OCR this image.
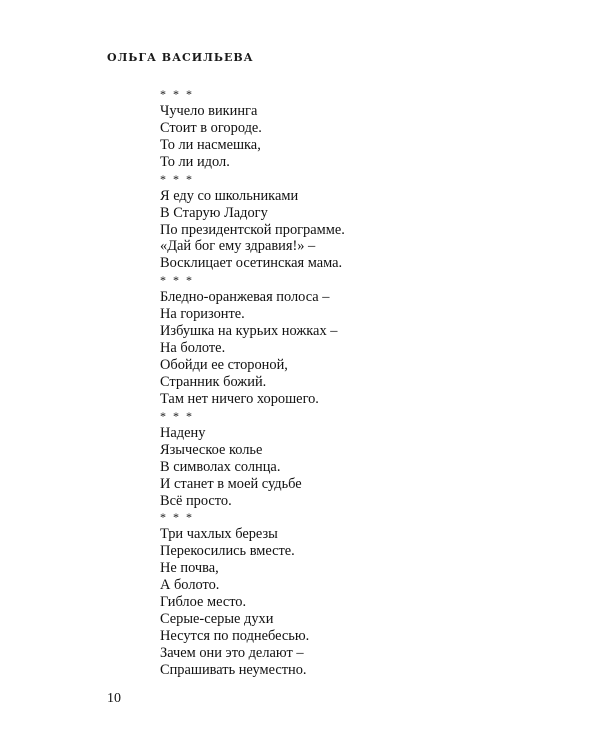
ОЛЬГА ВАСИЛЬЕВА
* * *
Чучело викинга
Стоит в огороде.
То ли насмешка,
То ли идол.
* * *
Я еду со школьниками
В Старую Ладогу
По президентской программе.
«Дай бог ему здравия!» –
Восклицает осетинская мама.
* * *
Бледно-оранжевая полоса –
На горизонте.
Избушка на курьих ножках –
На болоте.
Обойди ее стороной,
Странник божий.
Там нет ничего хорошего.
* * *
Надену
Языческое колье
В символах солнца.
И станет в моей судьбе
Всё просто.
* * *
Три чахлых березы
Перекосились вместе.
Не почва,
А болото.
Гиблое место.
Серые-серые духи
Несутся по поднебесью.
Зачем они это делают –
Спрашивать неуместно.
10
